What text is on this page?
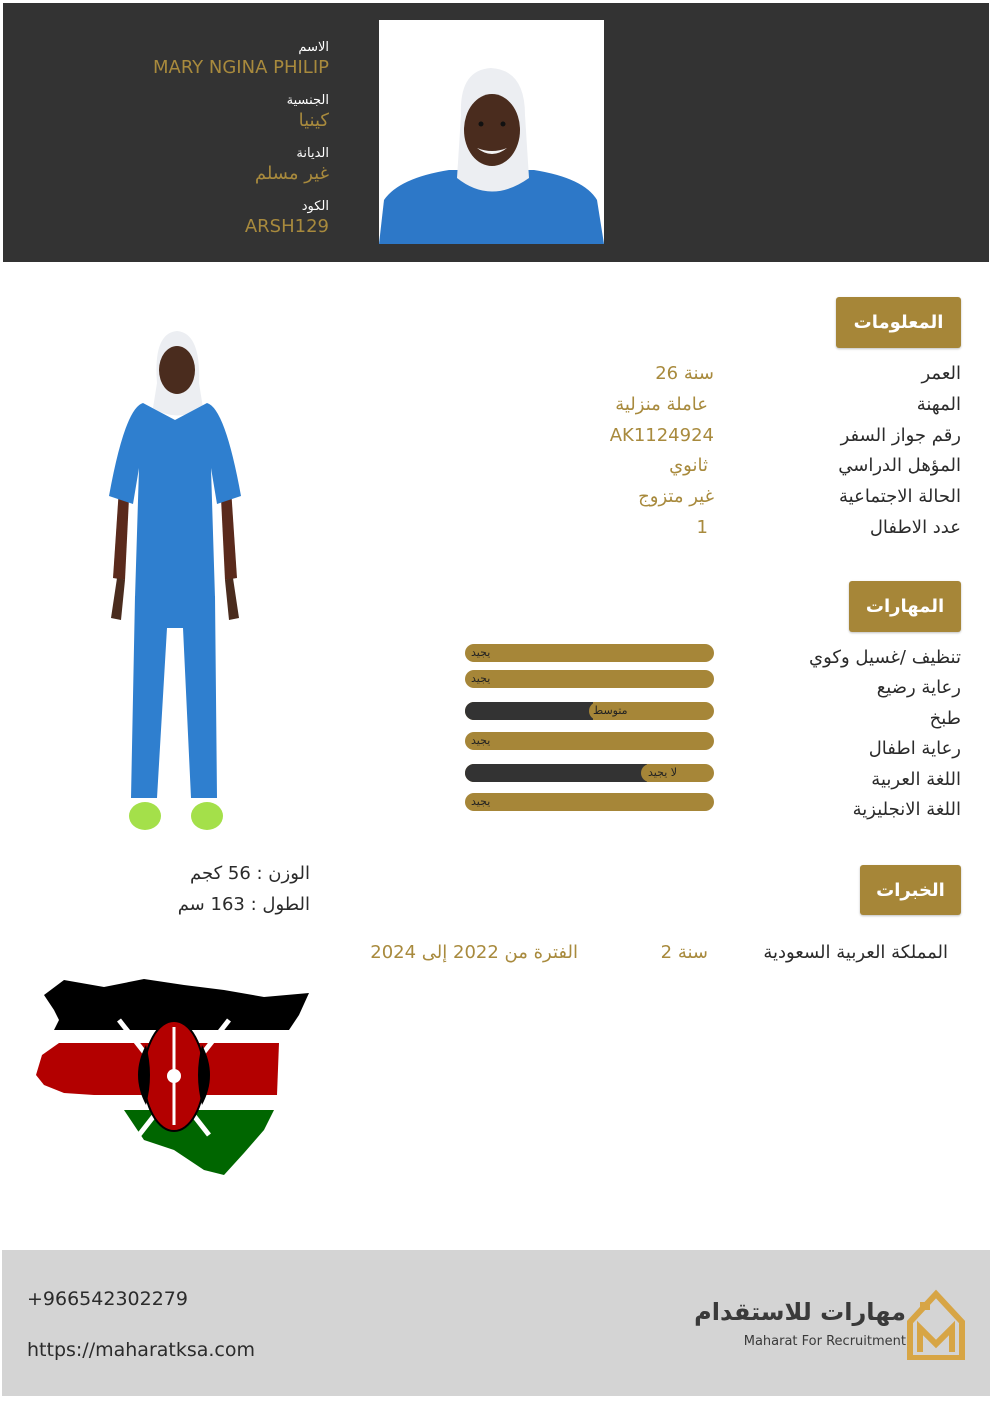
الاسم
MARY NGINA PHILIP
الجنسية
كينيا
الديانة
غير مسلم
الكود
ARSH129
المعلومات
العمر
26 سنة
المهنة
عاملة منزلية
رقم جواز السفر
AK1124924
المؤهل الدراسي
ثانوي
الحالة الاجتماعية
غير متزوج
عدد الاطفال
1
المهارات
تنظيف /غسيل وكوي
رعاية رضيع
طبخ
رعاية اطفال
اللغة العربية
اللغة الانجليزية
يجيد
يجيد
متوسط
يجيد
لا يجيد
يجيد
الخبرات
المملكة العربية السعودية
2 سنة
الفترة من 2022 إلى 2024
الوزن : 56 كجم
الطول : 163 سم
+966542302279
https://maharatksa.com
مهارات للاستقدام
Maharat For Recruitment
